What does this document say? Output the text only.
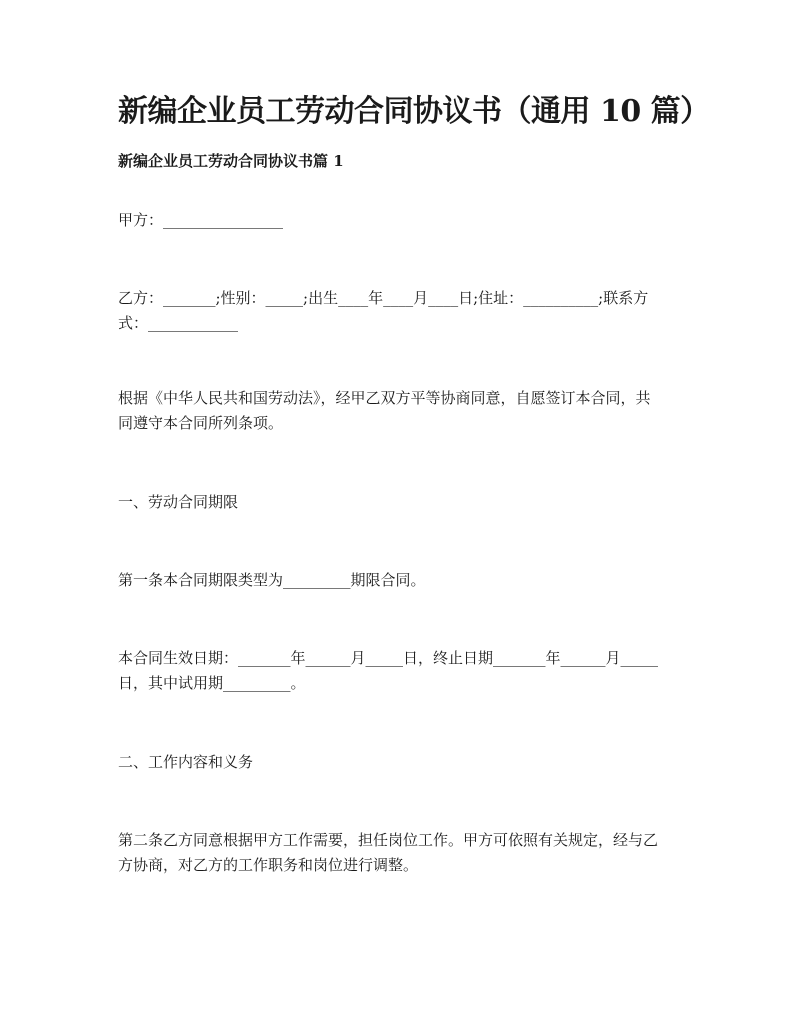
新编企业员工劳动合同协议书（通用 10 篇）
新编企业员工劳动合同协议书篇 1
甲方：________________
乙方：_______;性别：_____;出生____年____月____日;住址：__________;联系方
式：____________
根据《中华人民共和国劳动法》，经甲乙双方平等协商同意，自愿签订本合同，共
同遵守本合同所列条项。
一、劳动合同期限
第一条本合同期限类型为_________期限合同。
本合同生效日期：_______年______月_____日，终止日期_______年______月_____
日，其中试用期_________。
二、工作内容和义务
第二条乙方同意根据甲方工作需要，担任岗位工作。甲方可依照有关规定，经与乙
方协商，对乙方的工作职务和岗位进行调整。
